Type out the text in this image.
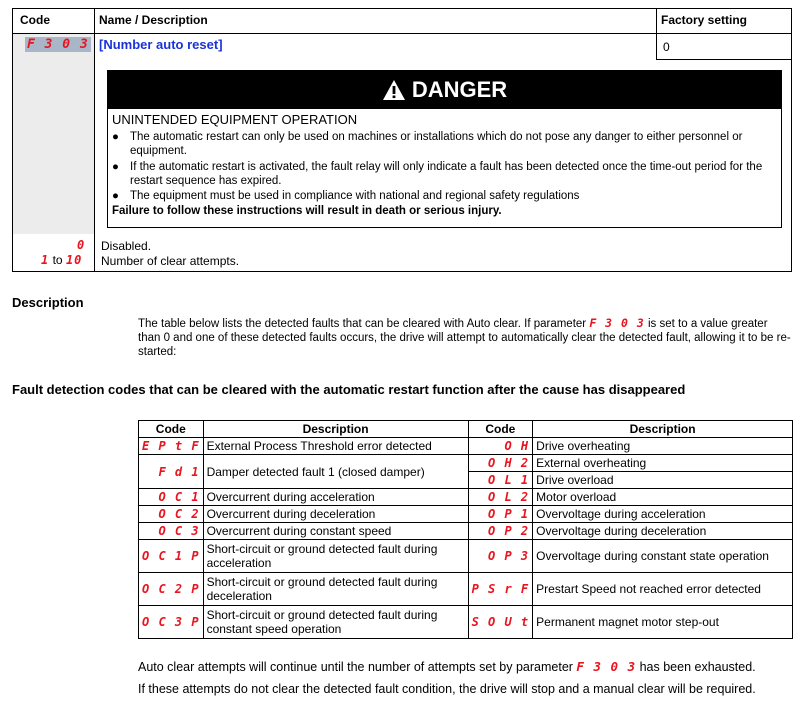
Code	Name / Description	Factory setting
F 3 0 3 [Number auto reset]	0
DANGER
UNINTENDED EQUIPMENT OPERATION
● The automatic restart can only be used on machines or installations which do not pose any danger to either personnel or equipment.
● If the automatic restart is activated, the fault relay will only indicate a fault has been detected once the time-out period for the restart sequence has expired.
● The equipment must be used in compliance with national and regional safety regulations
Failure to follow these instructions will result in death or serious injury.
0 Disabled.
1 to 10 Number of clear attempts.
Description
The table below lists the detected faults that can be cleared with Auto clear. If parameter F 3 0 3 is set to a value greater than 0 and one of these detected faults occurs, the drive will attempt to automatically clear the detected fault, allowing it to be re-started:
Fault detection codes that can be cleared with the automatic restart function after the cause has disappeared
Code	Description	Code	Description
E P t F	External Process Threshold error detected	O H	Drive overheating
F d 1	Damper detected fault 1 (closed damper)	O H 2	External overheating
		O L 1	Drive overload
O C 1	Overcurrent during acceleration	O L 2	Motor overload
O C 2	Overcurrent during deceleration	O P 1	Overvoltage during acceleration
O C 3	Overcurrent during constant speed	O P 2	Overvoltage during deceleration
O C 1 P	Short-circuit or ground detected fault during acceleration	O P 3	Overvoltage during constant state operation
O C 2 P	Short-circuit or ground detected fault during deceleration	P S r F	Prestart Speed not reached error detected
O C 3 P	Short-circuit or ground detected fault during constant speed operation	S O U t	Permanent magnet motor step-out
Auto clear attempts will continue until the number of attempts set by parameter F 3 0 3 has been exhausted.
If these attempts do not clear the detected fault condition, the drive will stop and a manual clear will be required.
